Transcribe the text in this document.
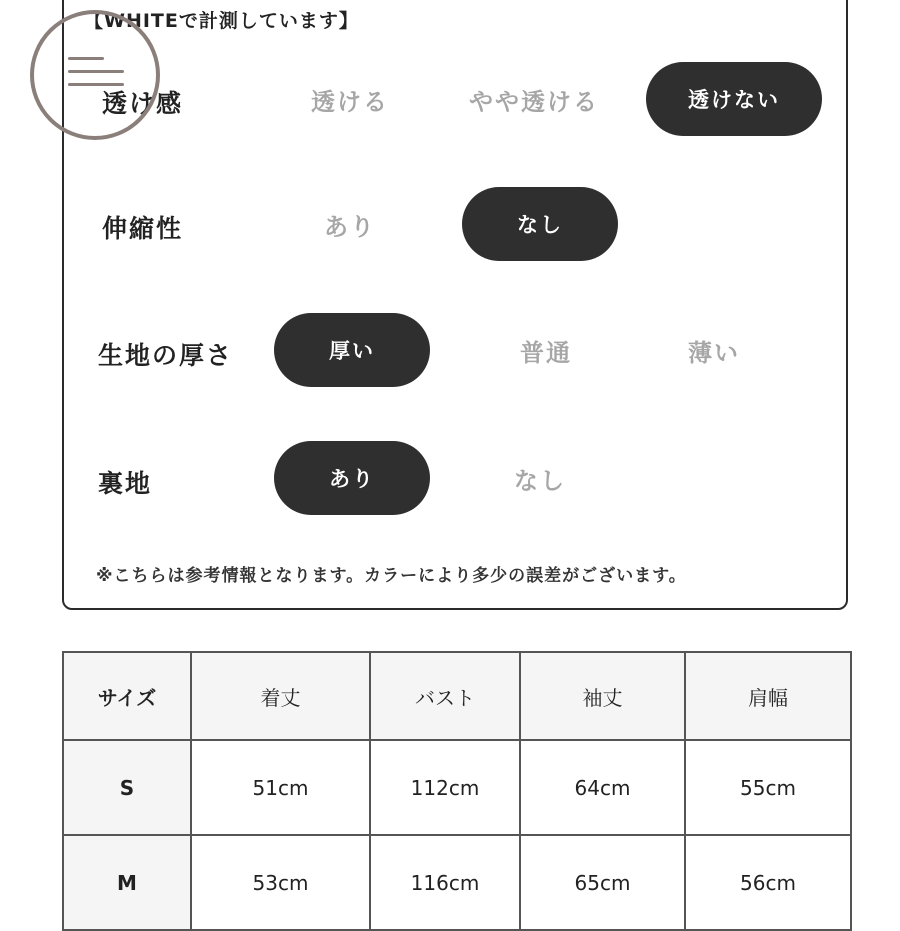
【WHITEで計測しています】
透け感	透ける	やや透ける	透けない
伸縮性	あり	なし
生地の厚さ	厚い	普通	薄い
裏地	あり	なし
※こちらは参考情報となります。カラーにより多少の誤差がございます。
サイズ	着丈	バスト	袖丈	肩幅
S	51cm	112cm	64cm	55cm
M	53cm	116cm	65cm	56cm
